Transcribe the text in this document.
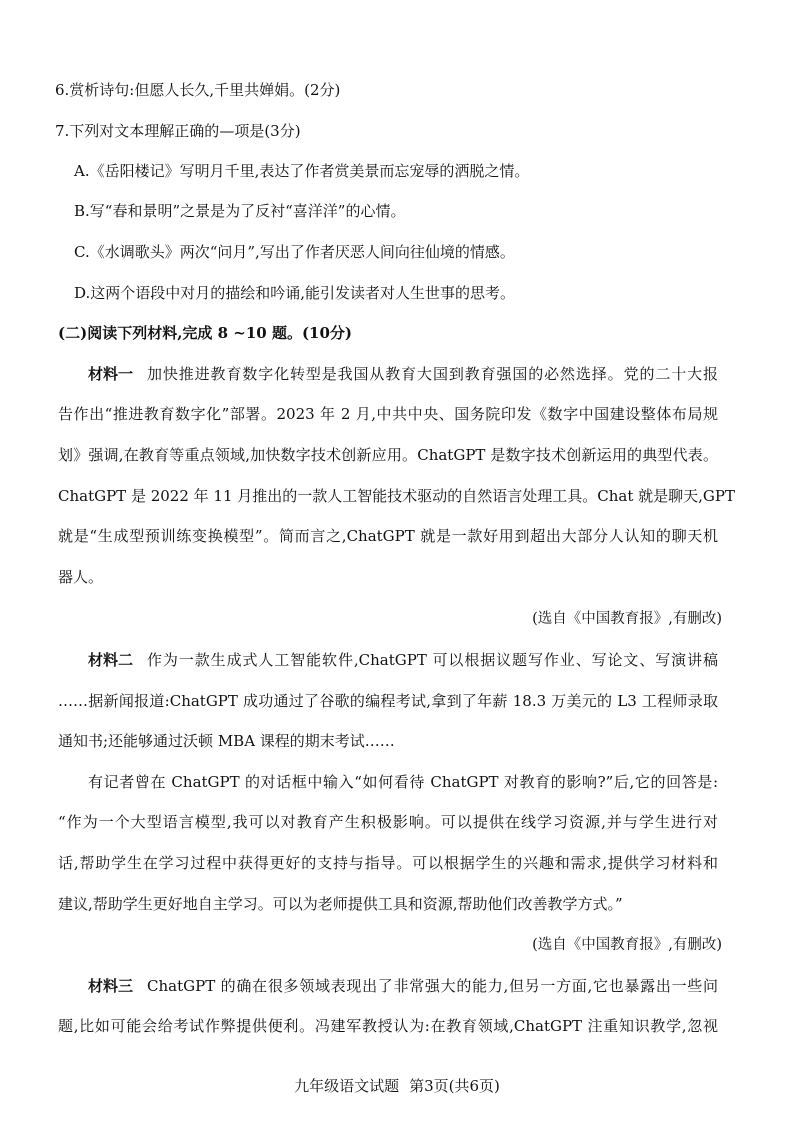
6.赏析诗句:但愿人长久,千里共婵娟。(2分)
7.下列对文本理解正确的—项是(3分)
A.《岳阳楼记》写明月千里,表达了作者赏美景而忘宠辱的洒脱之情。
B.写“春和景明”之景是为了反衬“喜洋洋”的心情。
C.《水调歌头》两次“问月”,写出了作者厌恶人间向往仙境的情感。
D.这两个语段中对月的描绘和吟诵,能引发读者对人生世事的思考。
(二)阅读下列材料,完成 8 ~10 题。(10分)
材料一 加快推进教育数字化转型是我国从教育大国到教育强国的必然选择。党的二十大报
告作出“推进教育数字化”部署。2023 年 2 月,中共中央、国务院印发《数字中国建设整体布局规
划》强调,在教育等重点领域,加快数字技术创新应用。ChatGPT 是数字技术创新运用的典型代表。
ChatGPT 是 2022 年 11 月推出的一款人工智能技术驱动的自然语言处理工具。Chat 就是聊天,GPT
就是“生成型预训练变换模型”。简而言之,ChatGPT 就是一款好用到超出大部分人认知的聊天机
器人。
(选自《中国教育报》,有删改)
材料二 作为一款生成式人工智能软件,ChatGPT 可以根据议题写作业、写论文、写演讲稿
……据新闻报道:ChatGPT 成功通过了谷歌的编程考试,拿到了年薪 18.3 万美元的 L3 工程师录取
通知书;还能够通过沃顿 MBA 课程的期末考试……
有记者曾在 ChatGPT 的对话框中输入“如何看待 ChatGPT 对教育的影响?”后,它的回答是:
“作为一个大型语言模型,我可以对教育产生积极影响。可以提供在线学习资源,并与学生进行对
话,帮助学生在学习过程中获得更好的支持与指导。可以根据学生的兴趣和需求,提供学习材料和
建议,帮助学生更好地自主学习。可以为老师提供工具和资源,帮助他们改善教学方式。”
(选自《中国教育报》,有删改)
材料三 ChatGPT 的确在很多领域表现出了非常强大的能力,但另一方面,它也暴露出一些问
题,比如可能会给考试作弊提供便利。冯建军教授认为:在教育领域,ChatGPT 注重知识教学,忽视
九年级语文试题 第3页(共6页)
